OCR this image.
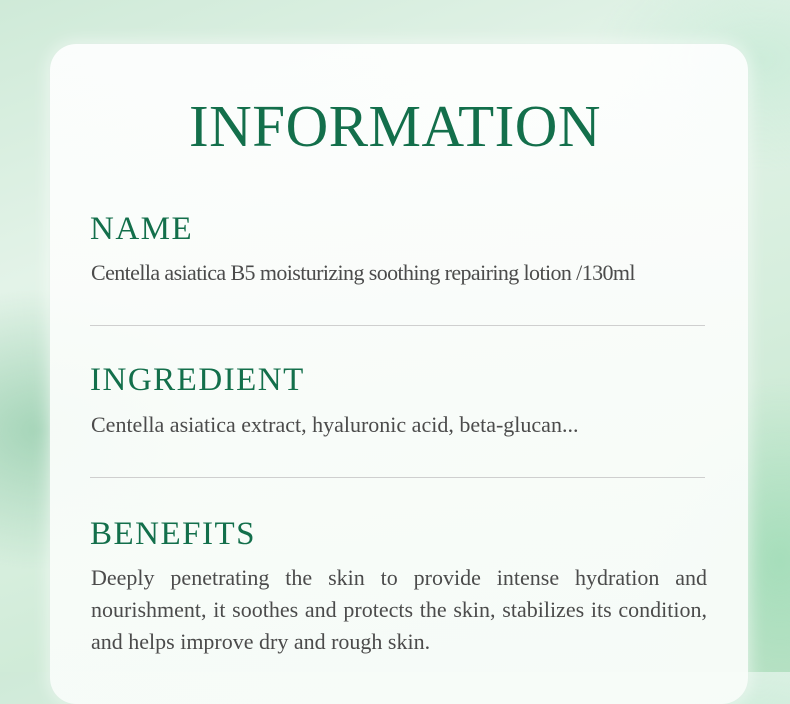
INFORMATION
NAME

Centella asiatica B5 moisturizing soothing repairing lotion /130ml

INGREDIENT

Centella asiatica extract, hyaluronic acid, beta-glucan...

BENEFITS

Deeply penetrating the skin to provide intense hydration and nourishment, it soothes and protects the skin, stabilizes its condition, and helps improve dry and rough skin.
